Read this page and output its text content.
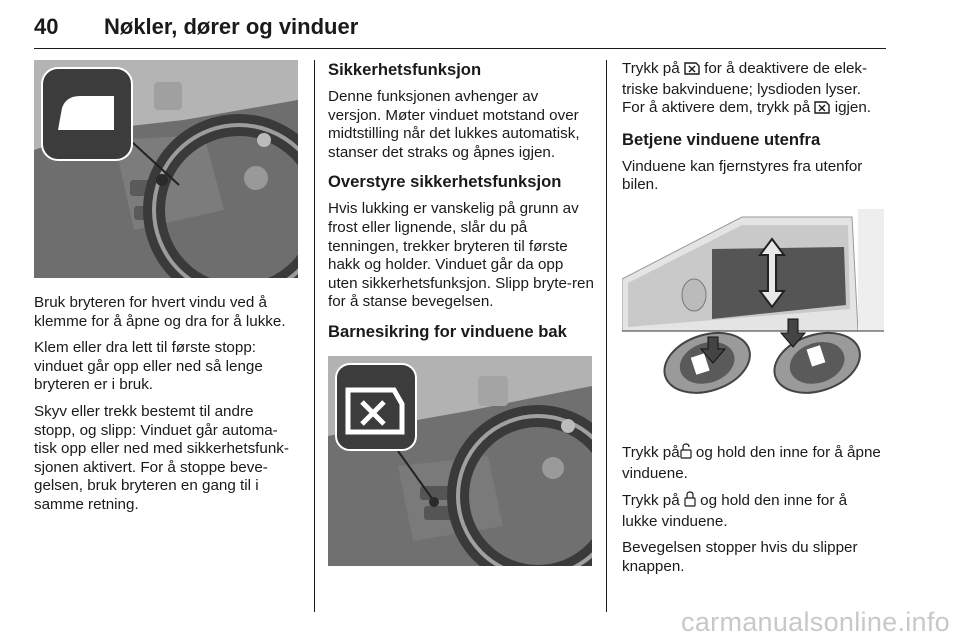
40 Nøkler, dører og vinduer

Bruk bryteren for hvert vindu ved å klemme for å åpne og dra for å lukke.

Klem eller dra lett til første stopp: vinduet går opp eller ned så lenge bryteren er i bruk.

Skyv eller trekk bestemt til andre stopp, og slipp: Vinduet går automa-tisk opp eller ned med sikkerhetsfunk-sjonen aktivert. For å stoppe beve-gelsen, bruk bryteren en gang til i samme retning.

Sikkerhetsfunksjon

Denne funksjonen avhenger av versjon. Møter vinduet motstand over midtstilling når det lukkes automatisk, stanser det straks og åpnes igjen.

Overstyre sikkerhetsfunksjon

Hvis lukking er vanskelig på grunn av frost eller lignende, slår du på tenningen, trekker bryteren til første hakk og holder. Vinduet går da opp uten sikkerhetsfunksjon. Slipp bryte-ren for å stanse bevegelsen.

Barnesikring for vinduene bak

Trykk på for å deaktivere de elek-triske bakvinduene; lysdioden lyser. For å aktivere dem, trykk på igjen.

Betjene vinduene utenfra

Vinduene kan fjernstyres fra utenfor bilen.

Trykk på og hold den inne for å åpne vinduene.

Trykk på og hold den inne for å lukke vinduene.

Bevegelsen stopper hvis du slipper knappen.

carmanualsonline.info
